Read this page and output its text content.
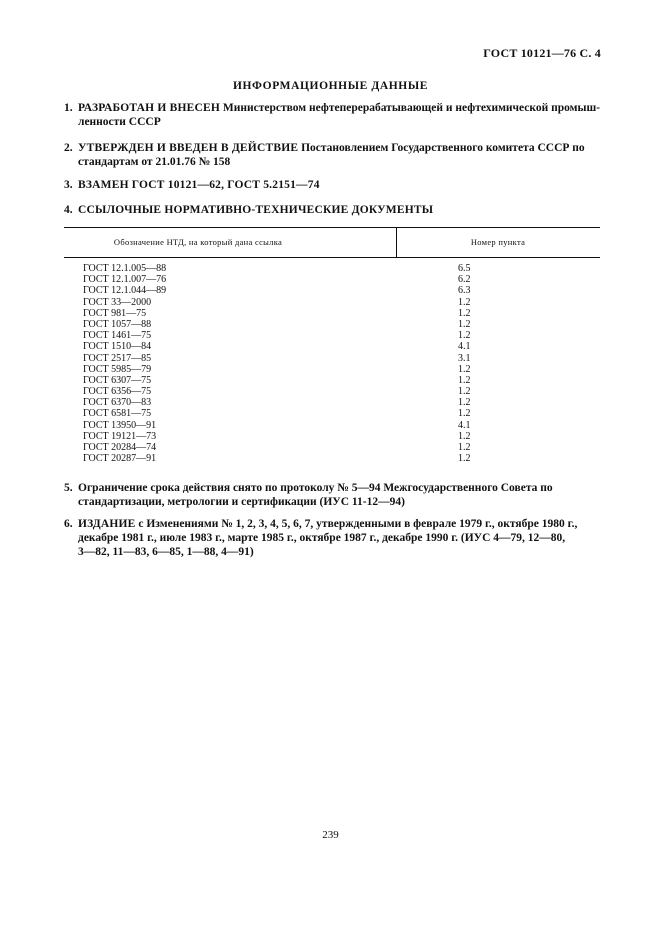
ГОСТ 10121—76 С. 4
ИНФОРМАЦИОННЫЕ ДАННЫЕ
1. РАЗРАБОТАН И ВНЕСЕН Министерством нефтеперерабатывающей и нефтехимической промыш-
ленности СССР
2. УТВЕРЖДЕН И ВВЕДЕН В ДЕЙСТВИЕ Постановлением Государственного комитета СССР по
стандартам от 21.01.76 № 158
3. ВЗАМЕН ГОСТ 10121—62, ГОСТ 5.2151—74
4. ССЫЛОЧНЫЕ НОРМАТИВНО-ТЕХНИЧЕСКИЕ ДОКУМЕНТЫ
Обозначение НТД, на который дана ссылка	Номер пункта
ГОСТ 12.1.005—88	6.5
ГОСТ 12.1.007—76	6.2
ГОСТ 12.1.044—89	6.3
ГОСТ 33—2000	1.2
ГОСТ 981—75	1.2
ГОСТ 1057—88	1.2
ГОСТ 1461—75	1.2
ГОСТ 1510—84	4.1
ГОСТ 2517—85	3.1
ГОСТ 5985—79	1.2
ГОСТ 6307—75	1.2
ГОСТ 6356—75	1.2
ГОСТ 6370—83	1.2
ГОСТ 6581—75	1.2
ГОСТ 13950—91	4.1
ГОСТ 19121—73	1.2
ГОСТ 20284—74	1.2
ГОСТ 20287—91	1.2
5. Ограничение срока действия снято по протоколу № 5—94 Межгосударственного Совета по
стандартизации, метрологии и сертификации (ИУС 11-12—94)
6. ИЗДАНИЕ с Изменениями № 1, 2, 3, 4, 5, 6, 7, утвержденными в феврале 1979 г., октябре 1980 г.,
декабре 1981 г., июле 1983 г., марте 1985 г., октябре 1987 г., декабре 1990 г. (ИУС 4—79, 12—80,
3—82, 11—83, 6—85, 1—88, 4—91)
239
